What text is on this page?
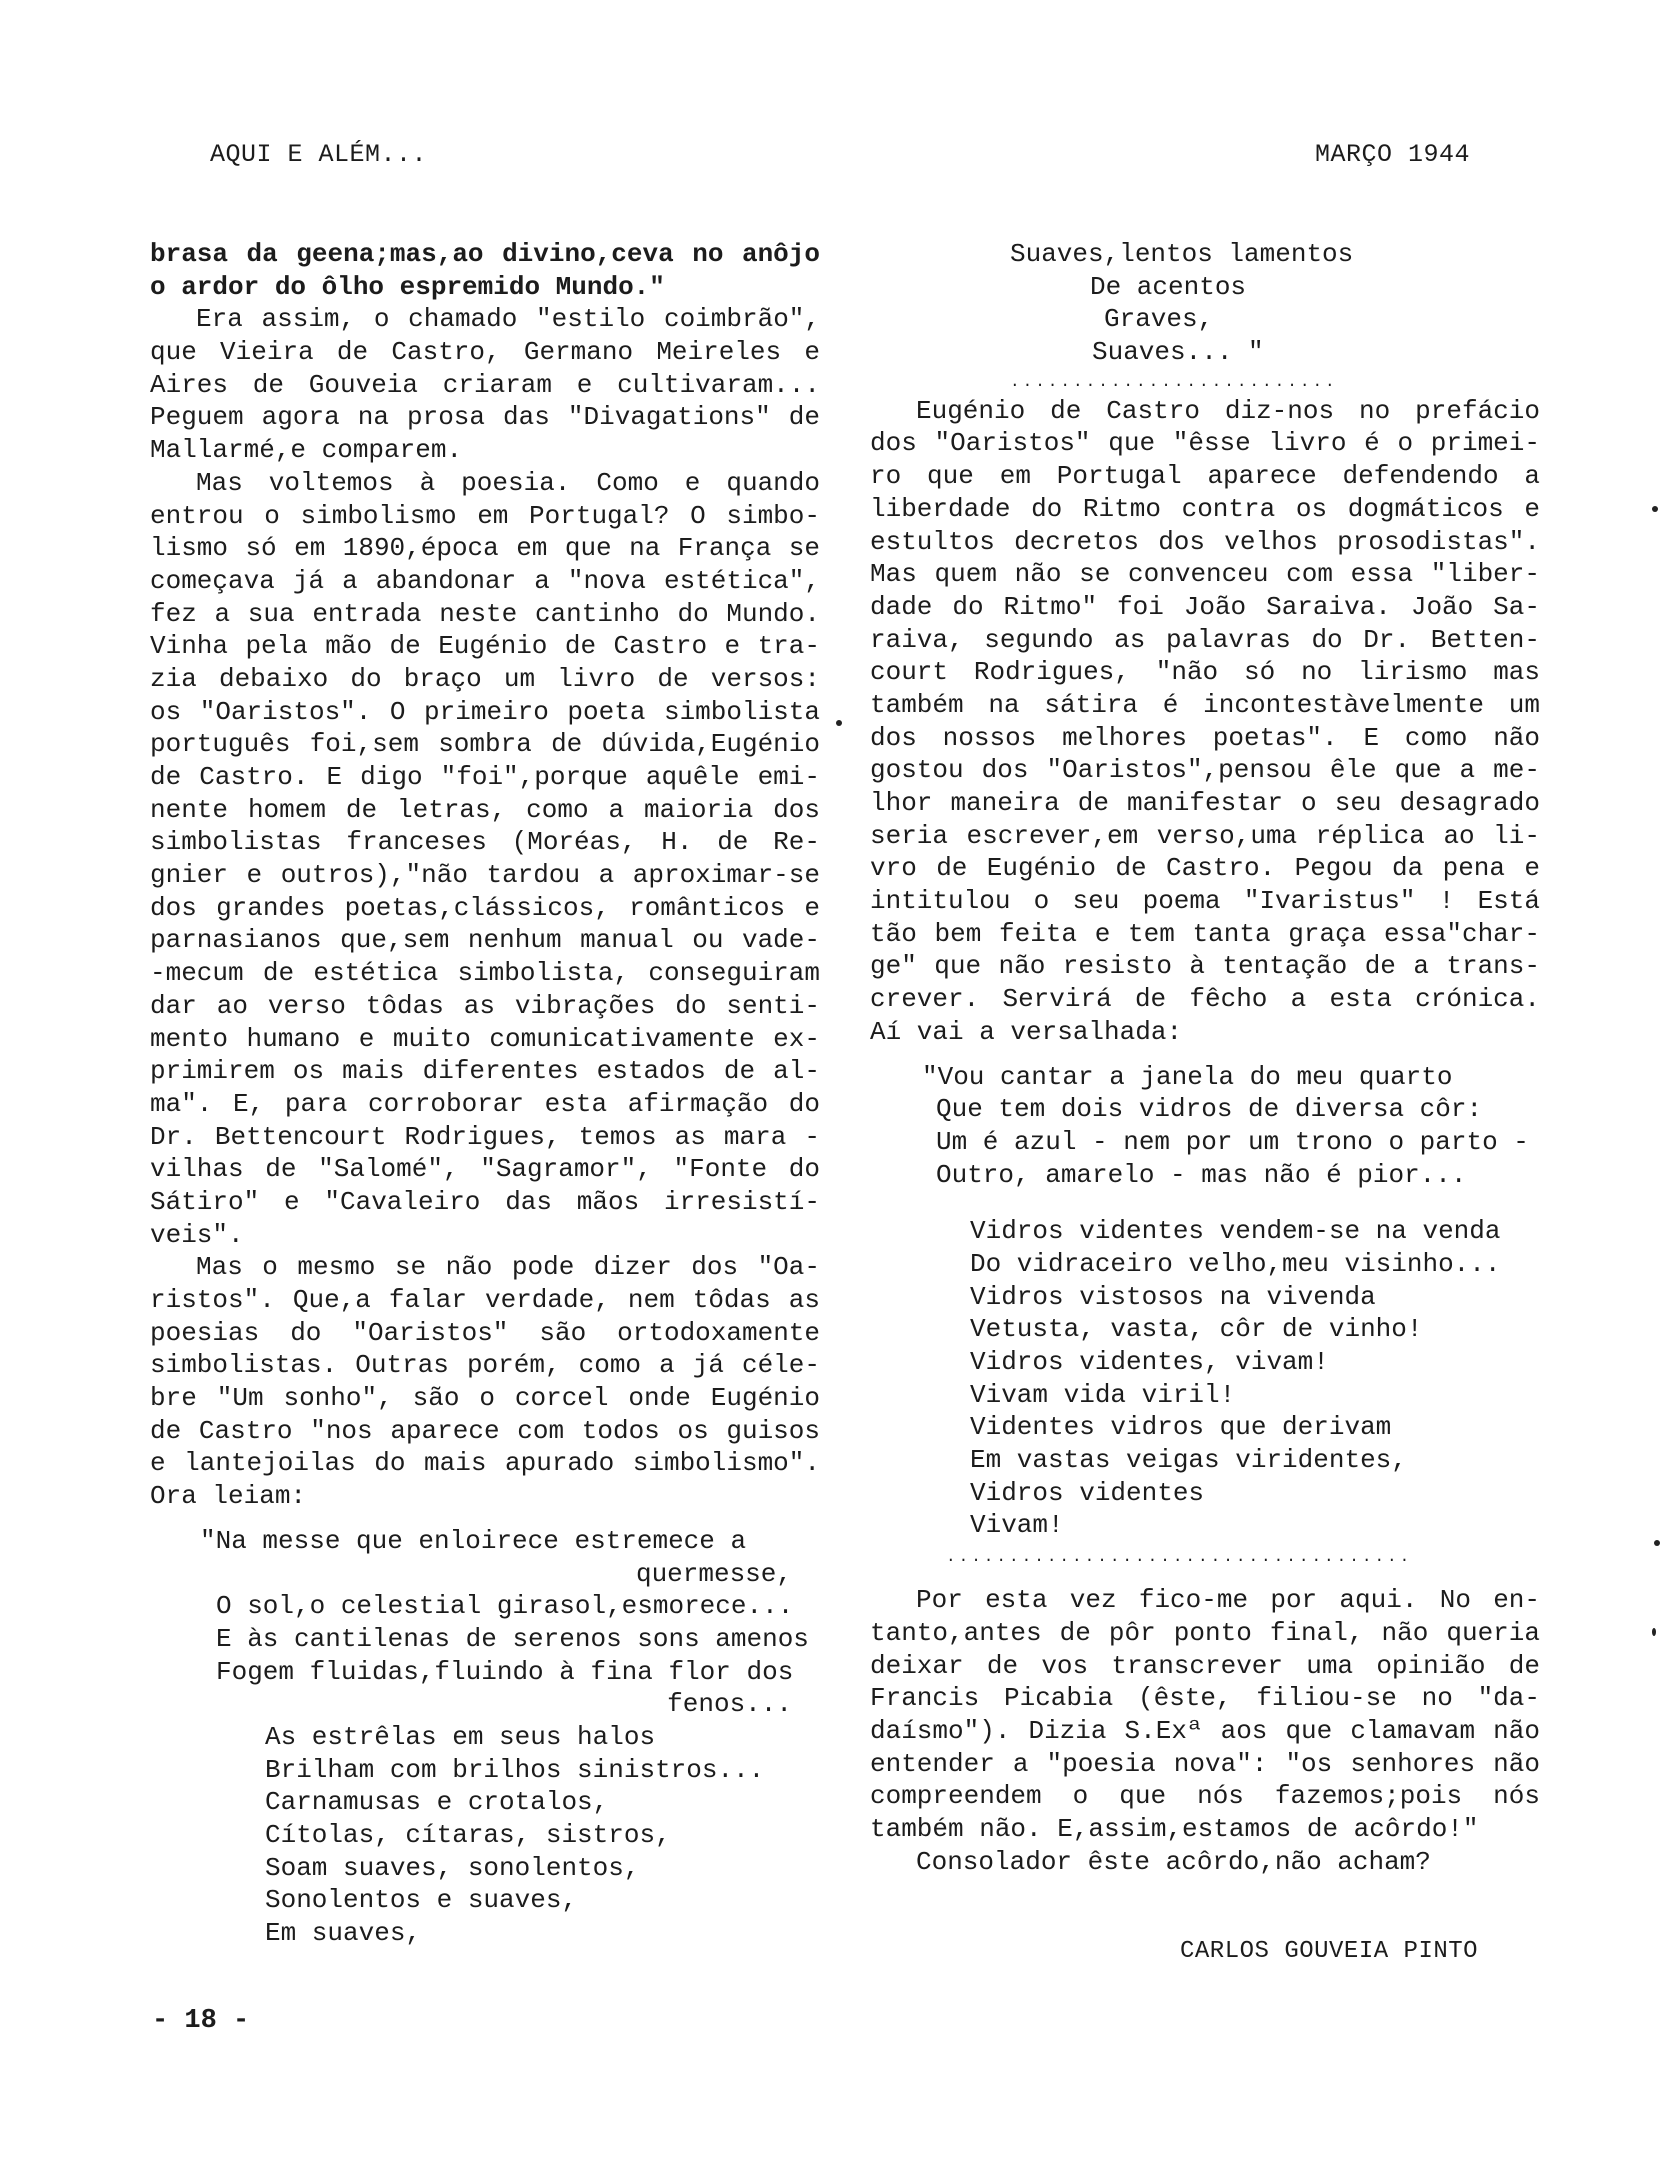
AQUI E ALÉM...	MARÇO 1944
brasa da geena;mas,ao divino,ceva no anôjo
o ardor do ôlho espremido Mundo."
Era assim, o chamado "estilo coimbrão",
que Vieira de Castro, Germano Meireles e
Aires de Gouveia criaram e cultivaram...
Peguem agora na prosa das "Divagations" de
Mallarmé,e comparem.
Mas voltemos à poesia. Como e quando
entrou o simbolismo em Portugal? O simbo-
lismo só em 1890,época em que na França se
começava já a abandonar a "nova estética",
fez a sua entrada neste cantinho do Mundo.
Vinha pela mão de Eugénio de Castro e tra-
zia debaixo do braço um livro de versos:
os "Oaristos". O primeiro poeta simbolista
português foi,sem sombra de dúvida,Eugénio
de Castro. E digo "foi",porque aquêle emi-
nente homem de letras, como a maioria dos
simbolistas franceses (Moréas, H. de Re-
gnier e outros),"não tardou a aproximar-se
dos grandes poetas,clássicos, românticos e
parnasianos que,sem nenhum manual ou vade-
-mecum de estética simbolista, conseguiram
dar ao verso tôdas as vibrações do senti-
mento humano e muito comunicativamente ex-
primirem os mais diferentes estados de al-
ma". E, para corroborar esta afirmação do
Dr. Bettencourt Rodrigues, temos as mara -
vilhas de "Salomé", "Sagramor", "Fonte do
Sátiro" e "Cavaleiro das mãos irresistí-
veis".
Mas o mesmo se não pode dizer dos "Oa-
ristos". Que,a falar verdade, nem tôdas as
poesias do "Oaristos" são ortodoxamente
simbolistas. Outras porém, como a já céle-
bre "Um sonho", são o corcel onde Eugénio
de Castro "nos aparece com todos os guisos
e lantejoilas do mais apurado simbolismo".
Ora leiam:
"Na messe que enloirece estremece a
quermesse,
O sol,o celestial girasol,esmorece...
E às cantilenas de serenos sons amenos
Fogem fluidas,fluindo à fina flor dos
fenos...
As estrêlas em seus halos
Brilham com brilhos sinistros...
Carnamusas e crotalos,
Cítolas, cítaras, sistros,
Soam suaves, sonolentos,
Sonolentos e suaves,
Em suaves,
Suaves,lentos lamentos
De acentos
Graves,
Suaves... "
..........................
Eugénio de Castro diz-nos no prefácio
dos "Oaristos" que "êsse livro é o primei-
ro que em Portugal aparece defendendo a
liberdade do Ritmo contra os dogmáticos e
estultos decretos dos velhos prosodistas".
Mas quem não se convenceu com essa "liber-
dade do Ritmo" foi João Saraiva. João Sa-
raiva, segundo as palavras do Dr. Betten-
court Rodrigues, "não só no lirismo mas
também na sátira é incontestàvelmente um
dos nossos melhores poetas". E como não
gostou dos "Oaristos",pensou êle que a me-
lhor maneira de manifestar o seu desagrado
seria escrever,em verso,uma réplica ao li-
vro de Eugénio de Castro. Pegou da pena e
intitulou o seu poema "Ivaristus" ! Está
tão bem feita e tem tanta graça essa"char-
ge" que não resisto à tentação de a trans-
crever. Servirá de fêcho a esta crónica.
Aí vai a versalhada:
"Vou cantar a janela do meu quarto
Que tem dois vidros de diversa côr:
Um é azul - nem por um trono o parto -
Outro, amarelo - mas não é pior...
Vidros videntes vendem-se na venda
Do vidraceiro velho,meu visinho...
Vidros vistosos na vivenda
Vetusta, vasta, côr de vinho!
Vidros videntes, vivam!
Vivam vida viril!
Videntes vidros que derivam
Em vastas veigas viridentes,
Vidros videntes
Vivam!
.....................................
Por esta vez fico-me por aqui. No en-
tanto,antes de pôr ponto final, não queria
deixar de vos transcrever uma opinião de
Francis Picabia (êste, filiou-se no "da-
daísmo"). Dizia S.Exª aos que clamavam não
entender a "poesia nova": "os senhores não
compreendem o que nós fazemos;pois nós
também não. E,assim,estamos de acôrdo!"
Consolador êste acôrdo,não acham?
CARLOS GOUVEIA PINTO
- 18 -
